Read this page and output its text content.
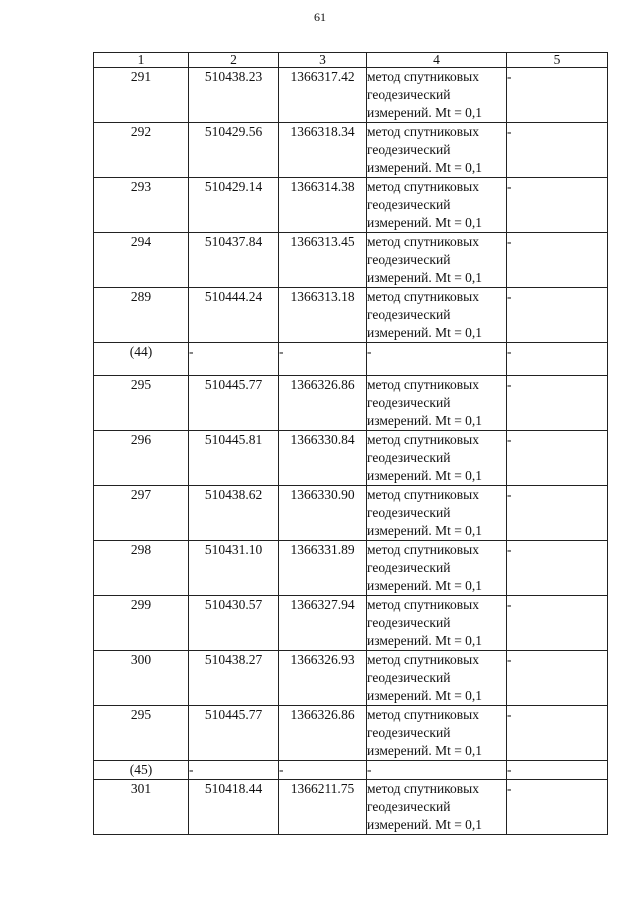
61
1	2	3	4	5
291	510438.23	1366317.42	метод спутниковых
геодезический
измерений. Mt = 0,1	-
292	510429.56	1366318.34	метод спутниковых
геодезический
измерений. Mt = 0,1	-
293	510429.14	1366314.38	метод спутниковых
геодезический
измерений. Mt = 0,1	-
294	510437.84	1366313.45	метод спутниковых
геодезический
измерений. Mt = 0,1	-
289	510444.24	1366313.18	метод спутниковых
геодезический
измерений. Mt = 0,1	-
(44)	-	-	-	-
295	510445.77	1366326.86	метод спутниковых
геодезический
измерений. Mt = 0,1	-
296	510445.81	1366330.84	метод спутниковых
геодезический
измерений. Mt = 0,1	-
297	510438.62	1366330.90	метод спутниковых
геодезический
измерений. Mt = 0,1	-
298	510431.10	1366331.89	метод спутниковых
геодезический
измерений. Mt = 0,1	-
299	510430.57	1366327.94	метод спутниковых
геодезический
измерений. Mt = 0,1	-
300	510438.27	1366326.93	метод спутниковых
геодезический
измерений. Mt = 0,1	-
295	510445.77	1366326.86	метод спутниковых
геодезический
измерений. Mt = 0,1	-
(45)	-	-	-	-
301	510418.44	1366211.75	метод спутниковых
геодезический
измерений. Mt = 0,1	-
